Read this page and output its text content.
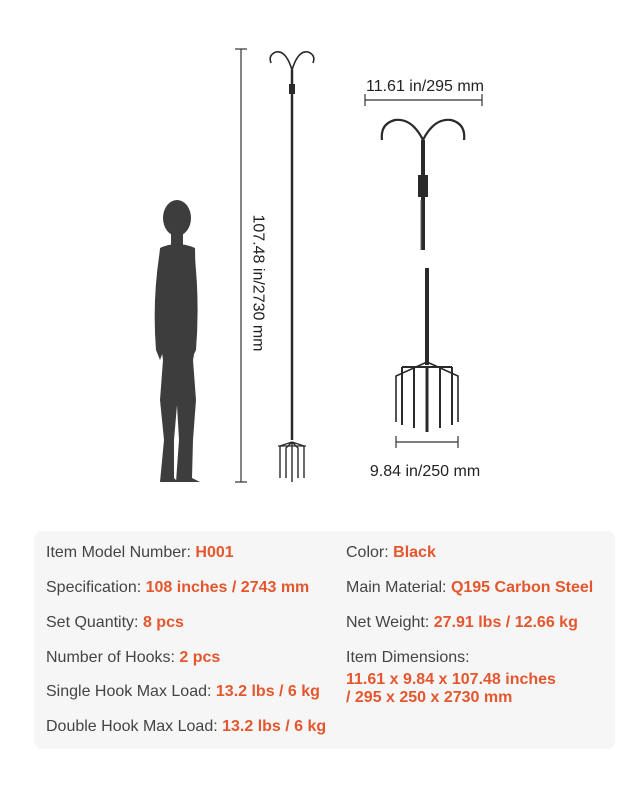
107.48 in/2730 mm
11.61 in/295 mm
9.84 in/250 mm
Item Model Number: H001
Specification: 108 inches / 2743 mm
Set Quantity: 8 pcs
Number of Hooks: 2 pcs
Single Hook Max Load: 13.2 lbs / 6 kg
Double Hook Max Load: 13.2 lbs / 6 kg
Color: Black
Main Material: Q195 Carbon Steel
Net Weight: 27.91 lbs / 12.66 kg
Item Dimensions:
11.61 x 9.84 x 107.48 inches
/ 295 x 250 x 2730 mm
